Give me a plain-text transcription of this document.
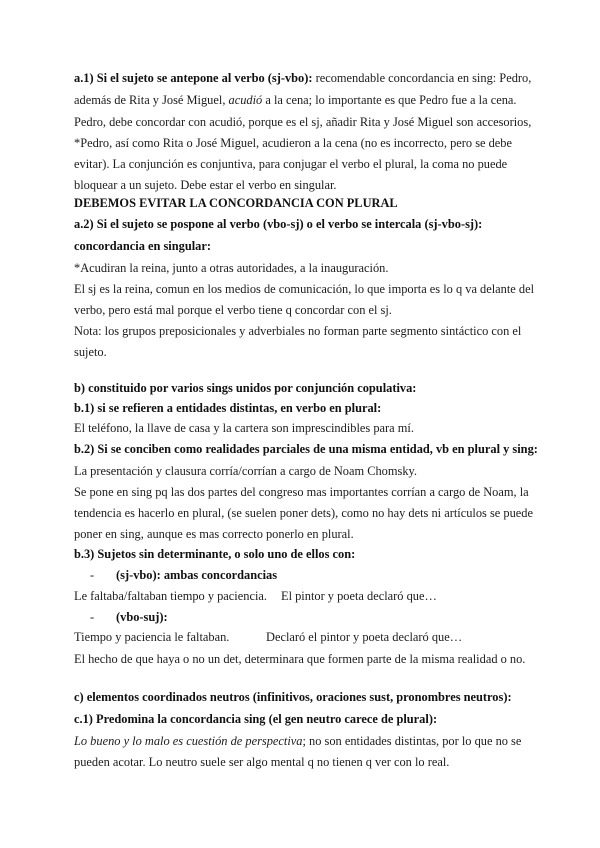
a.1) Si el sujeto se antepone al verbo (sj-vbo): recomendable concordancia en sing: Pedro,
además de Rita y José Miguel, acudió a la cena; lo importante es que Pedro fue a la cena.
Pedro, debe concordar con acudió, porque es el sj, añadir Rita y José Miguel son accesorios,
*Pedro, así como Rita o José Miguel, acudieron a la cena (no es incorrecto, pero se debe
evitar). La conjunción es conjuntiva, para conjugar el verbo el plural, la coma no puede
bloquear a un sujeto. Debe estar el verbo en singular.
DEBEMOS EVITAR LA CONCORDANCIA CON PLURAL
a.2) Si el sujeto se pospone al verbo (vbo-sj) o el verbo se intercala (sj-vbo-sj):
concordancia en singular:
*Acudiran la reina, junto a otras autoridades, a la inauguración.
El sj es la reina, comun en los medios de comunicación, lo que importa es lo q va delante del
verbo, pero está mal porque el verbo tiene q concordar con el sj.
Nota: los grupos preposicionales y adverbiales no forman parte segmento sintáctico con el
sujeto.
b) constituido por varios sings unidos por conjunción copulativa:
b.1) si se refieren a entidades distintas, en verbo en plural:
El teléfono, la llave de casa y la cartera son imprescindibles para mí.
b.2) Si se conciben como realidades parciales de una misma entidad, vb en plural y sing:
La presentación y clausura corría/corrían a cargo de Noam Chomsky.
Se pone en sing pq las dos partes del congreso mas importantes corrían a cargo de Noam, la
tendencia es hacerlo en plural, (se suelen poner dets), como no hay dets ni artículos se puede
poner en sing, aunque es mas correcto ponerlo en plural.
b.3) Sujetos sin determinante, o solo uno de ellos con:
- (sj-vbo): ambas concordancias
Le faltaba/faltaban tiempo y paciencia. El pintor y poeta declaró que…
- (vbo-suj):
Tiempo y paciencia le faltaban.	Declaró el pintor y poeta declaró que…
El hecho de que haya o no un det, determinara que formen parte de la misma realidad o no.
c) elementos coordinados neutros (infinitivos, oraciones sust, pronombres neutros):
c.1) Predomina la concordancia sing (el gen neutro carece de plural):
Lo bueno y lo malo es cuestión de perspectiva; no son entidades distintas, por lo que no se
pueden acotar. Lo neutro suele ser algo mental q no tienen q ver con lo real.
